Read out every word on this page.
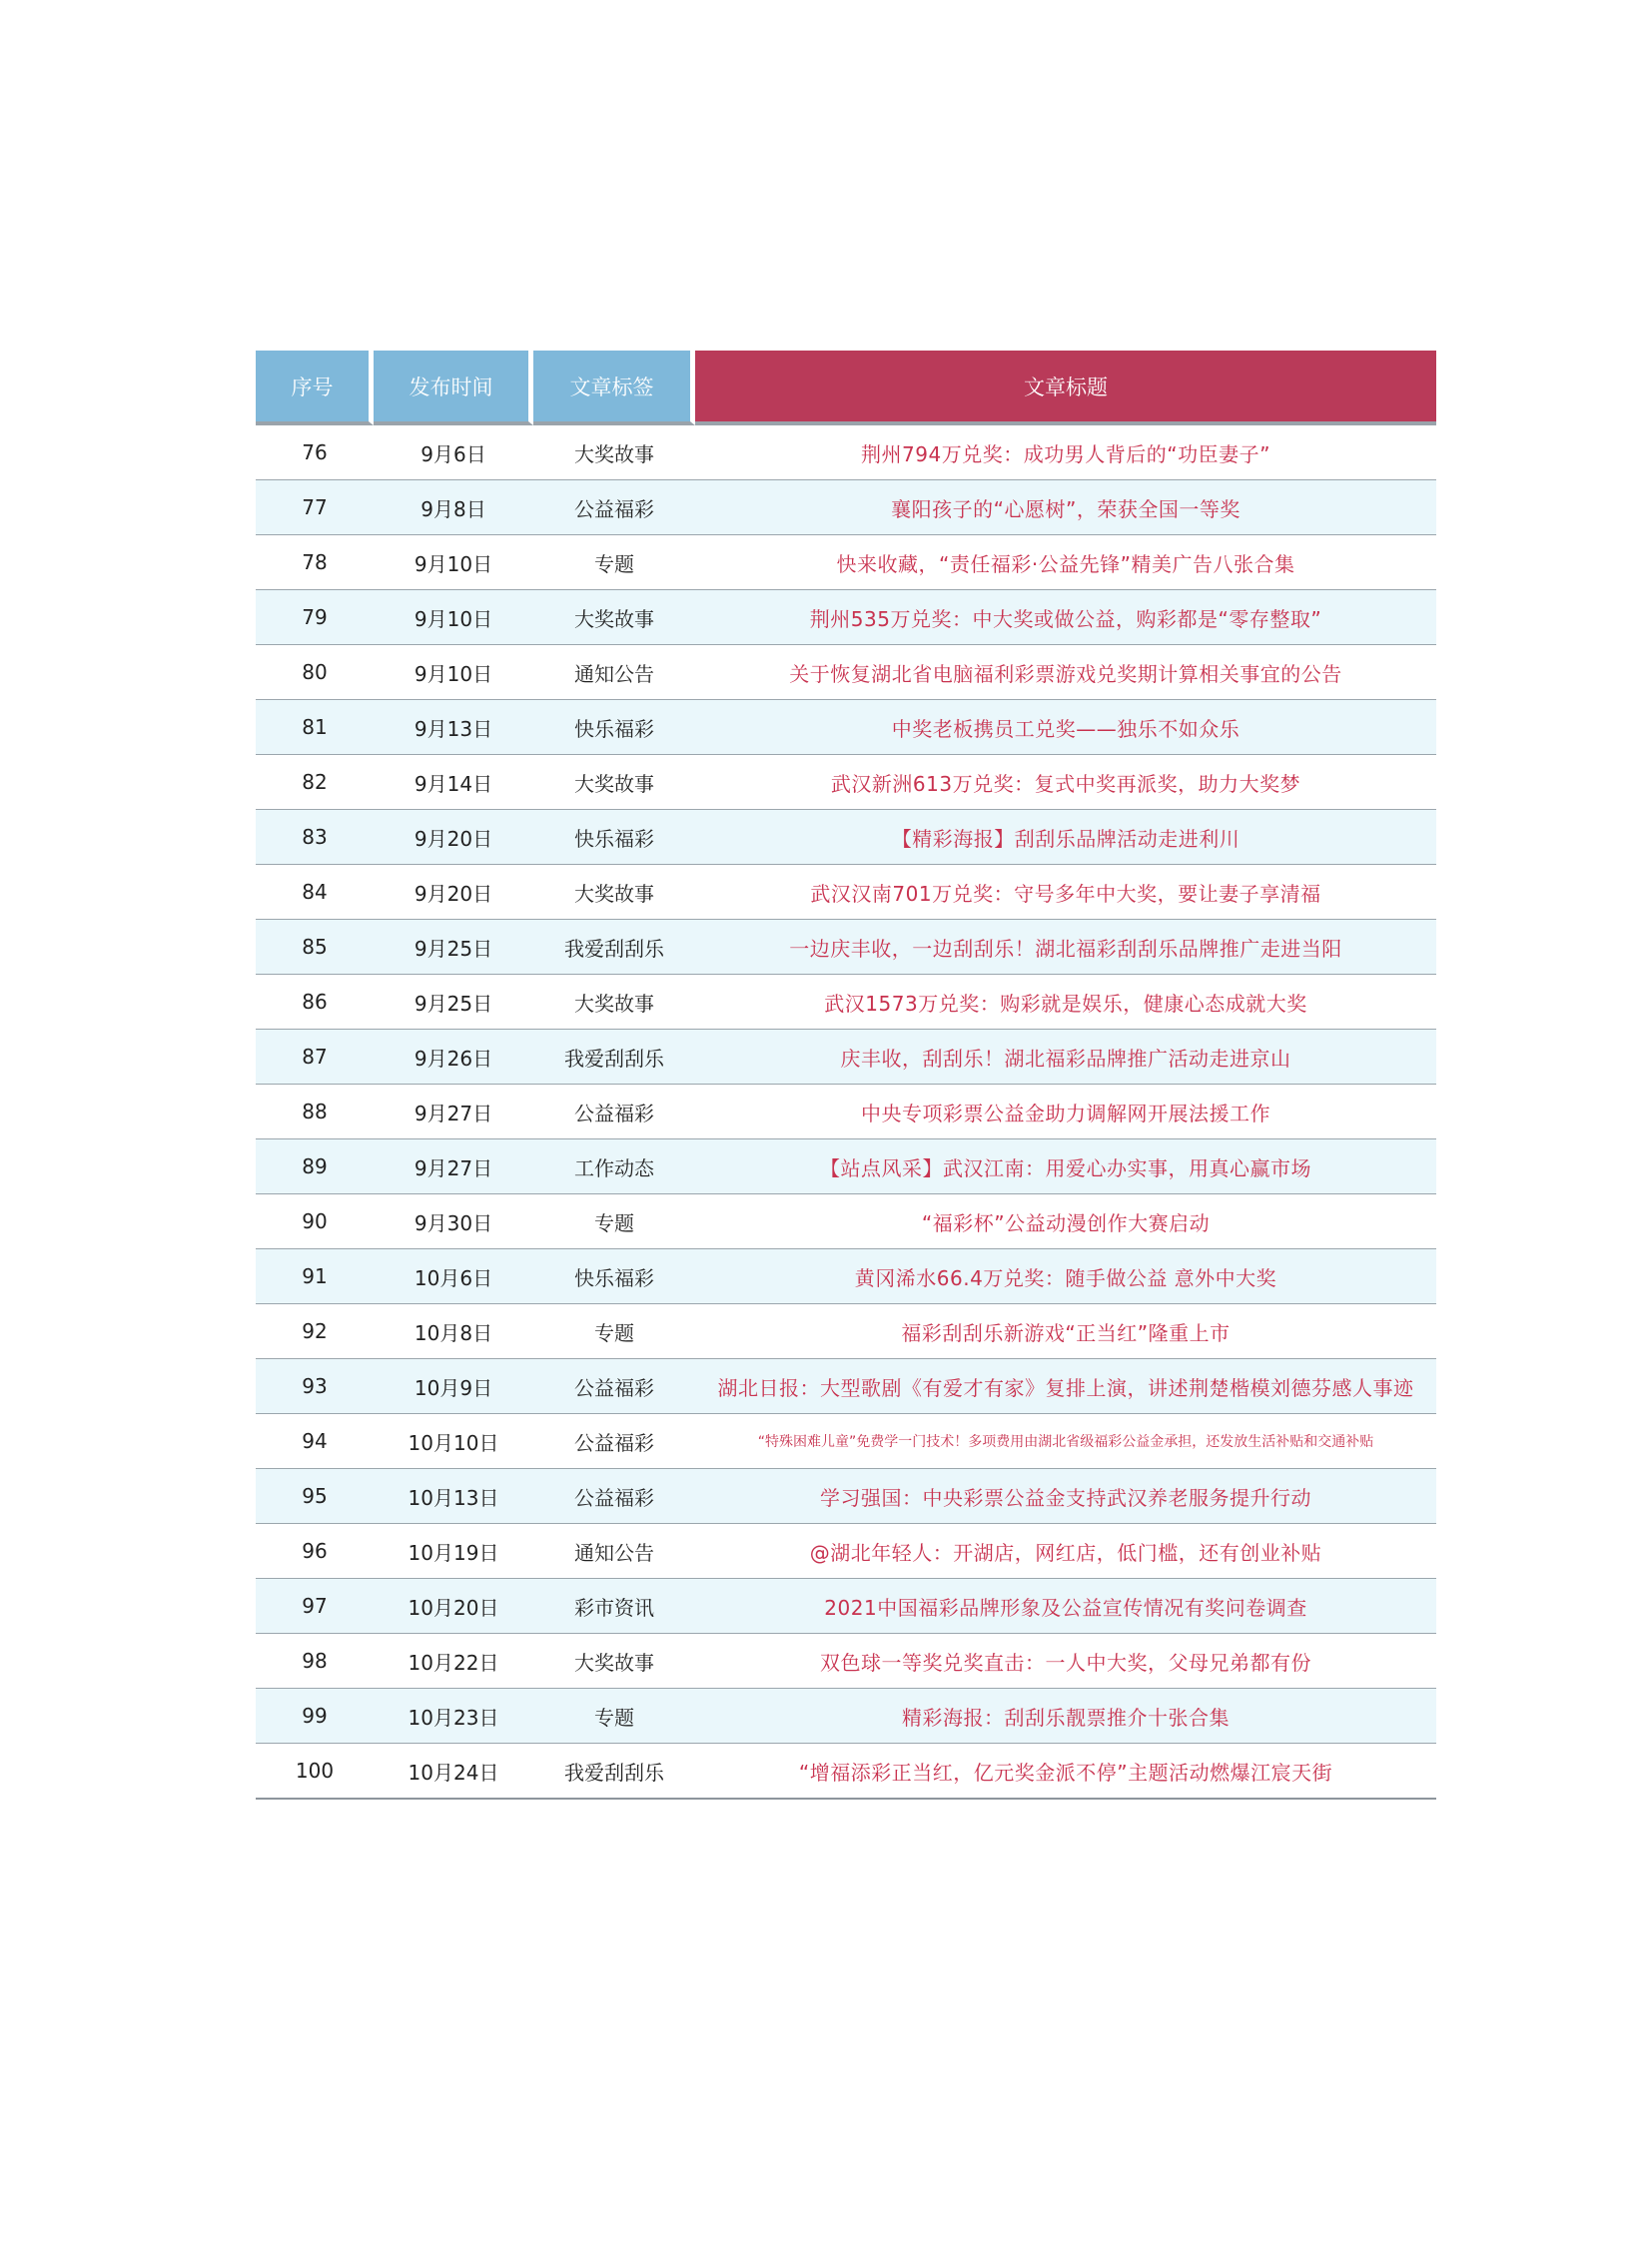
序号	发布时间	文章标签	文章标题
76	9月6日	大奖故事	荆州794万兑奖：成功男人背后的“功臣妻子”
77	9月8日	公益福彩	襄阳孩子的“心愿树”，荣获全国一等奖
78	9月10日	专题	快来收藏，“责任福彩·公益先锋”精美广告八张合集
79	9月10日	大奖故事	荆州535万兑奖：中大奖或做公益，购彩都是“零存整取”
80	9月10日	通知公告	关于恢复湖北省电脑福利彩票游戏兑奖期计算相关事宜的公告
81	9月13日	快乐福彩	中奖老板携员工兑奖——独乐不如众乐
82	9月14日	大奖故事	武汉新洲613万兑奖：复式中奖再派奖，助力大奖梦
83	9月20日	快乐福彩	【精彩海报】刮刮乐品牌活动走进利川
84	9月20日	大奖故事	武汉汉南701万兑奖：守号多年中大奖，要让妻子享清福
85	9月25日	我爱刮刮乐	一边庆丰收，一边刮刮乐！湖北福彩刮刮乐品牌推广走进当阳
86	9月25日	大奖故事	武汉1573万兑奖：购彩就是娱乐，健康心态成就大奖
87	9月26日	我爱刮刮乐	庆丰收，刮刮乐！湖北福彩品牌推广活动走进京山
88	9月27日	公益福彩	中央专项彩票公益金助力调解网开展法援工作
89	9月27日	工作动态	【站点风采】武汉江南：用爱心办实事，用真心赢市场
90	9月30日	专题	“福彩杯”公益动漫创作大赛启动
91	10月6日	快乐福彩	黄冈浠水66.4万兑奖：随手做公益 意外中大奖
92	10月8日	专题	福彩刮刮乐新游戏“正当红”隆重上市
93	10月9日	公益福彩	湖北日报：大型歌剧《有爱才有家》复排上演，讲述荆楚楷模刘德芬感人事迹
94	10月10日	公益福彩	“特殊困难儿童”免费学一门技术！多项费用由湖北省级福彩公益金承担，还发放生活补贴和交通补贴
95	10月13日	公益福彩	学习强国：中央彩票公益金支持武汉养老服务提升行动
96	10月19日	通知公告	@湖北年轻人：开湖店，网红店，低门槛，还有创业补贴
97	10月20日	彩市资讯	2021中国福彩品牌形象及公益宣传情况有奖问卷调查
98	10月22日	大奖故事	双色球一等奖兑奖直击：一人中大奖，父母兄弟都有份
99	10月23日	专题	精彩海报：刮刮乐靓票推介十张合集
100	10月24日	我爱刮刮乐	“增福添彩正当红，亿元奖金派不停”主题活动燃爆江宸天街
